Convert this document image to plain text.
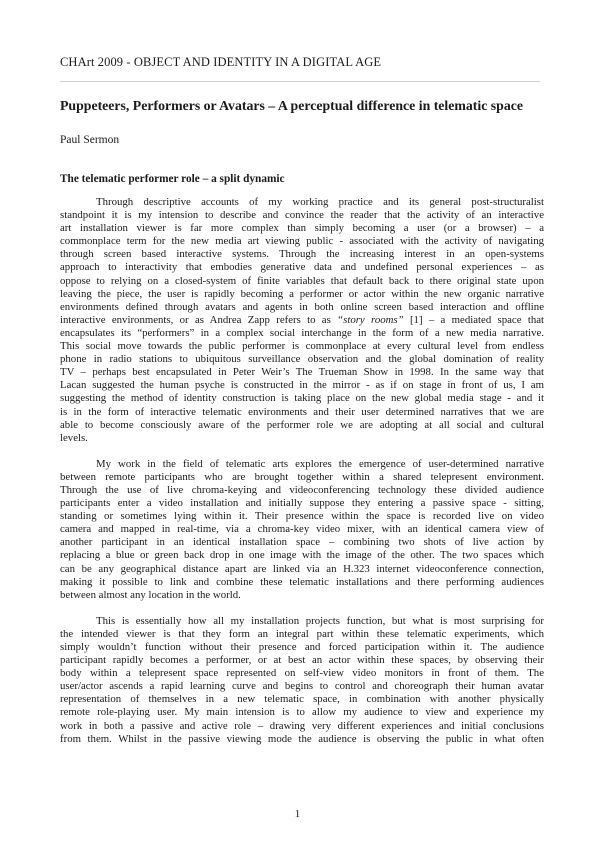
CHArt 2009 - OBJECT AND IDENTITY IN A DIGITAL AGE
Puppeteers, Performers or Avatars – A perceptual difference in telematic space
Paul Sermon
The telematic performer role – a split dynamic
Through descriptive accounts of my working practice and its general post-structuralist
standpoint it is my intension to describe and convince the reader that the activity of an interactive
art installation viewer is far more complex than simply becoming a user (or a browser) – a
commonplace term for the new media art viewing public - associated with the activity of navigating
through screen based interactive systems. Through the increasing interest in an open-systems
approach to interactivity that embodies generative data and undefined personal experiences – as
oppose to relying on a closed-system of finite variables that default back to there original state upon
leaving the piece, the user is rapidly becoming a performer or actor within the new organic narrative
environments defined through avatars and agents in both online screen based interaction and offline
interactive environments, or as Andrea Zapp refers to as “story rooms” [1] – a mediated space that
encapsulates its “performers” in a complex social interchange in the form of a new media narrative.
This social move towards the public performer is commonplace at every cultural level from endless
phone in radio stations to ubiquitous surveillance observation and the global domination of reality
TV – perhaps best encapsulated in Peter Weir’s The Trueman Show in 1998. In the same way that
Lacan suggested the human psyche is constructed in the mirror - as if on stage in front of us, I am
suggesting the method of identity construction is taking place on the new global media stage - and it
is in the form of interactive telematic environments and their user determined narratives that we are
able to become consciously aware of the performer role we are adopting at all social and cultural
levels.
My work in the field of telematic arts explores the emergence of user-determined narrative
between remote participants who are brought together within a shared telepresent environment.
Through the use of live chroma-keying and videoconferencing technology these divided audience
participants enter a video installation and initially suppose they entering a passive space - sitting,
standing or sometimes lying within it. Their presence within the space is recorded live on video
camera and mapped in real-time, via a chroma-key video mixer, with an identical camera view of
another participant in an identical installation space – combining two shots of live action by
replacing a blue or green back drop in one image with the image of the other. The two spaces which
can be any geographical distance apart are linked via an H.323 internet videoconference connection,
making it possible to link and combine these telematic installations and there performing audiences
between almost any location in the world.
This is essentially how all my installation projects function, but what is most surprising for
the intended viewer is that they form an integral part within these telematic experiments, which
simply wouldn’t function without their presence and forced participation within it. The audience
participant rapidly becomes a performer, or at best an actor within these spaces, by observing their
body within a telepresent space represented on self-view video monitors in front of them. The
user/actor ascends a rapid learning curve and begins to control and choreograph their human avatar
representation of themselves in a new telematic space, in combination with another physically
remote role-playing user. My main intension is to allow my audience to view and experience my
work in both a passive and active role – drawing very different experiences and initial conclusions
from them. Whilst in the passive viewing mode the audience is observing the public in what often
1
